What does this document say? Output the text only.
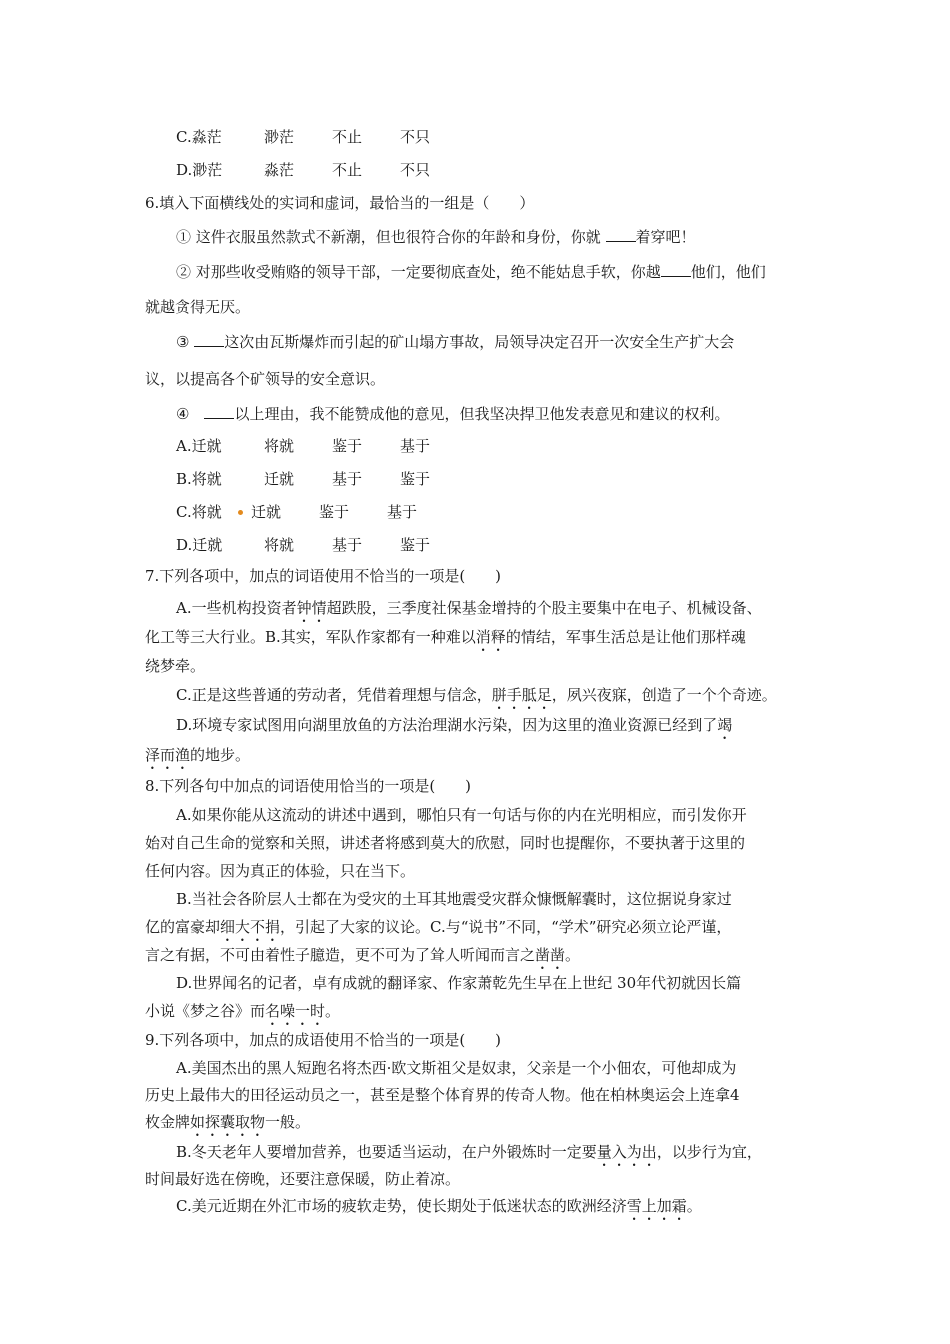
C.淼茫	渺茫	不止	不只
D.渺茫	淼茫	不止	不只
6.填入下面横线处的实词和虚词，最恰当的一组是（　　）
① 这件衣服虽然款式不新潮，但也很符合你的年龄和身份，你就 着穿吧！
② 对那些收受贿赂的领导干部，一定要彻底查处，绝不能姑息手软，你越 他们，他们
就越贪得无厌。
③ 这次由瓦斯爆炸而引起的矿山塌方事故，局领导决定召开一次安全生产扩大会
议，以提高各个矿领导的安全意识。
④　以上理由，我不能赞成他的意见，但我坚决捍卫他发表意见和建议的权利。
A.迁就	将就	鉴于	基于
B.将就	迁就	基于	鉴于
C.将就 迁就	鉴于	基于
D.迁就	将就	基于	鉴于
7.下列各项中，加点的词语使用不恰当的一项是(　　)
A.一些机构投资者钟情超跌股，三季度社保基金增持的个股主要集中在电子、机械设备、
化工等三大行业。B.其实，军队作家都有一种难以消释的情结，军事生活总是让他们那样魂
绕梦牵。
C.正是这些普通的劳动者，凭借着理想与信念，胼手胝足，夙兴夜寐，创造了一个个奇迹。
D.环境专家试图用向湖里放鱼的方法治理湖水污染，因为这里的渔业资源已经到了竭
泽而渔的地步。
8.下列各句中加点的词语使用恰当的一项是(　　)
A.如果你能从这流动的讲述中遇到，哪怕只有一句话与你的内在光明相应，而引发你开
始对自己生命的觉察和关照，讲述者将感到莫大的欣慰，同时也提醒你，不要执著于这里的
任何内容。因为真正的体验，只在当下。
B.当社会各阶层人士都在为受灾的土耳其地震受灾群众慷慨解囊时，这位据说身家过
亿的富豪却细大不捐，引起了大家的议论。C.与“说书”不同，“学术”研究必须立论严谨，
言之有据，不可由着性子臆造，更不可为了耸人听闻而言之凿凿。
D.世界闻名的记者，卓有成就的翻译家、作家萧乾先生早在上世纪 30年代初就因长篇
小说《梦之谷》而名噪一时。
9.下列各项中，加点的成语使用不恰当的一项是(　　)
A.美国杰出的黑人短跑名将杰西·欧文斯祖父是奴隶，父亲是一个小佃农，可他却成为
历史上最伟大的田径运动员之一，甚至是整个体育界的传奇人物。他在柏林奥运会上连拿4
枚金牌如探囊取物一般。
B.冬天老年人要增加营养，也要适当运动，在户外锻炼时一定要量入为出，以步行为宜，
时间最好选在傍晚，还要注意保暖，防止着凉。
C.美元近期在外汇市场的疲软走势，使长期处于低迷状态的欧洲经济雪上加霜。
